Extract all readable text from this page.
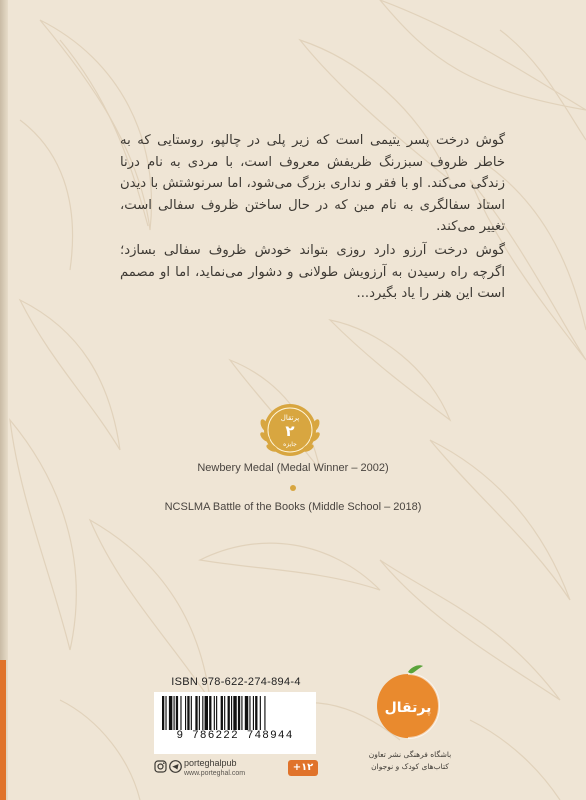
گوش درخت پسر یتیمی است که زیر پلی در چالپو، روستایی که به خاطر ظروف سبزرنگ ظریفش معروف است، با مردی به نام درنا زندگی می‌کند. او با فقر و نداری بزرگ می‌شود، اما سرنوشتش با دیدن استاد سفالگری به نام مین که در حال ساختن ظروف سفالی است، تغییر می‌کند.

گوش درخت آرزو دارد روزی بتواند خودش ظروف سفالی بسازد؛ اگرچه راه رسیدن به آرزویش طولانی و دشوار می‌نماید، اما او مصمم است این هنر را یاد بگیرد...

پرتقال
۲
جایزه
Newbery Medal (Medal Winner – 2002)
NCSLMA Battle of the Books (Middle School – 2018)
ISBN 978-622-274-894-4
9 786222 748944
porteghalpub
www.porteghal.com
+۱۲
پرتقال
باشگاه فرهنگی نشر تعاون
کتاب‌های کودک و نوجوان
